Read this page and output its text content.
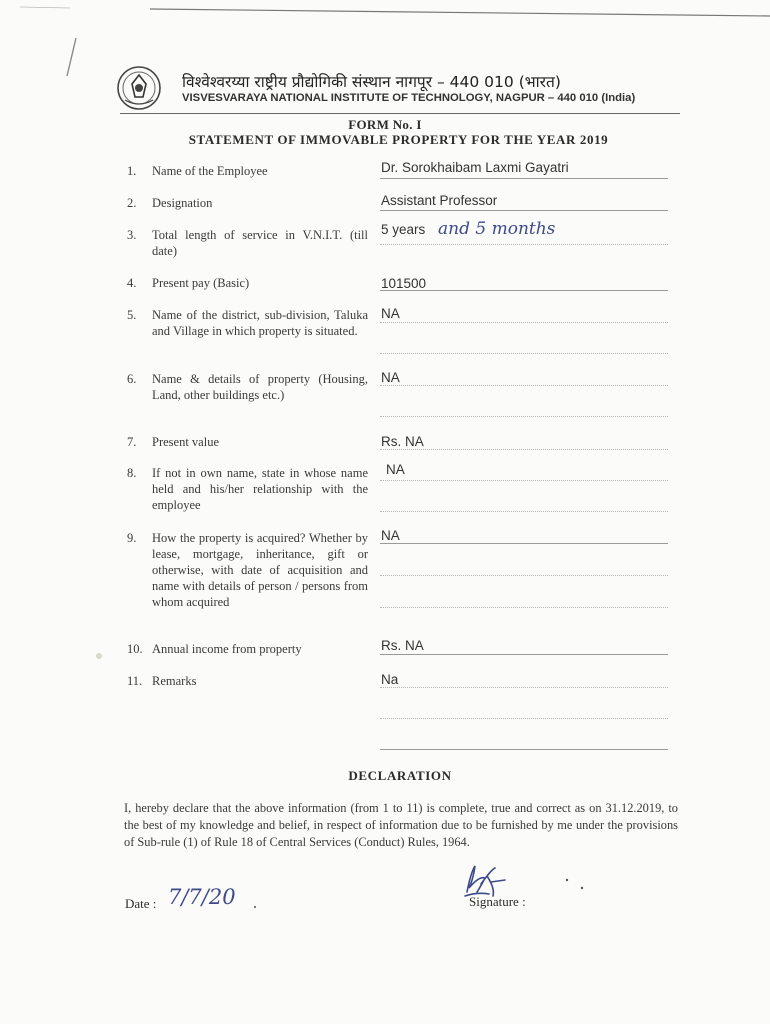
विश्वेश्वरय्या राष्ट्रीय प्रौद्योगिकी संस्थान नागपूर – 440 010 (भारत)
VISVESVARAYA NATIONAL INSTITUTE OF TECHNOLOGY, NAGPUR – 440 010 (India)
FORM No. I
STATEMENT OF IMMOVABLE PROPERTY FOR THE YEAR 2019
1. Name of the Employee	Dr. Sorokhaibam Laxmi Gayatri
2. Designation	Assistant Professor
3. Total length of service in V.N.I.T. (till date)
5 years and 5 months
4. Present pay (Basic)	101500
5. Name of the district, sub-division, Taluka and Village in which property is situated.
NA
6. Name & details of property (Housing, Land, other buildings etc.)
NA
7. Present value	Rs. NA
8. If not in own name, state in whose name held and his/her relationship with the employee
NA
9. How the property is acquired? Whether by lease, mortgage, inheritance, gift or otherwise, with date of acquisition and name with details of person / persons from whom acquired
NA
10. Annual income from property	Rs. NA
11. Remarks	Na
DECLARATION
I, hereby declare that the above information (from 1 to 11) is complete, true and correct as on 31.12.2019, to the best of my knowledge and belief, in respect of information due to be furnished by me under the provisions of Sub-rule (1) of Rule 18 of Central Services (Conduct) Rules, 1964.
Date : 7/7/20	Signature :
